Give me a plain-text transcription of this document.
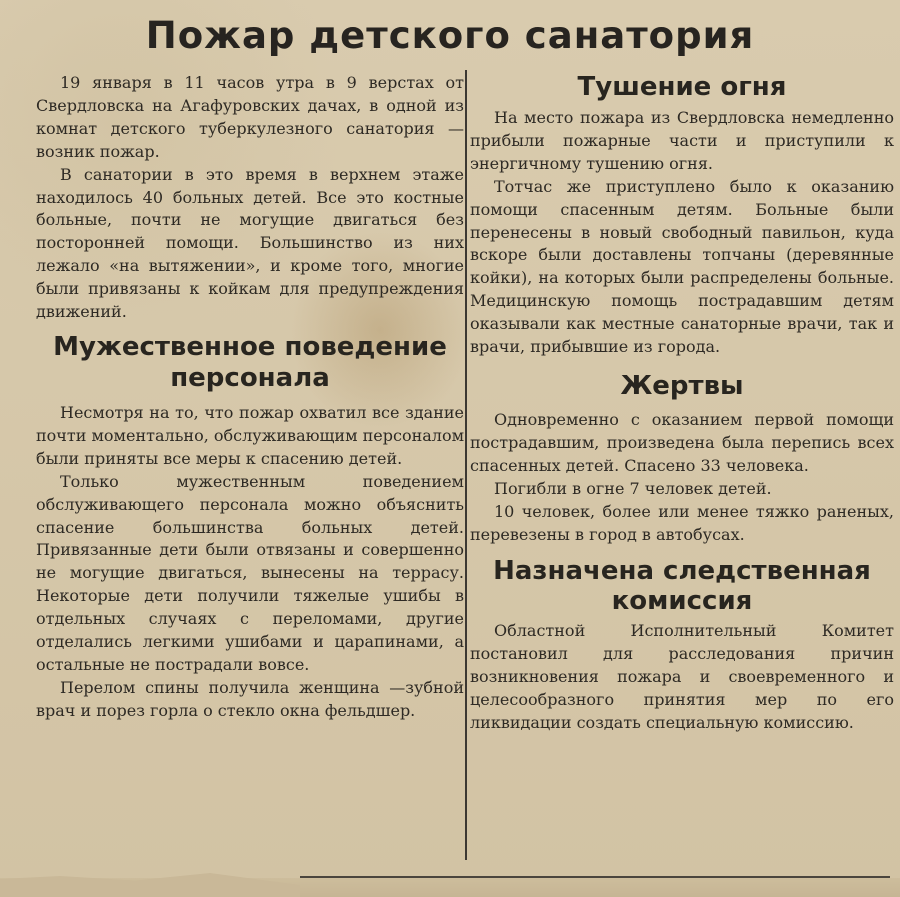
Пожар детского санатория

19 января в 11 часов утра в 9 верстах от Свердловска на Агафуровских дачах, в одной из комнат детского туберкулезного санатория — возник пожар.

В санатории в это время в верхнем этаже находилось 40 больных детей. Все это костные больные, почти не могущие двигаться без посторонней помощи. Большинство из них лежало «на вытяжении», и кроме того, многие были привязаны к койкам для предупреждения движений.

Мужественное поведение персонала

Несмотря на то, что пожар охватил все здание почти моментально, обслуживающим персоналом были приняты все меры к спасению детей.

Только мужественным поведением обслуживающего персонала можно объяснить спасение большинства больных детей. Привязанные дети были отвязаны и совершенно не могущие двигаться, вынесены на террасу. Некоторые дети получили тяжелые ушибы в отдельных случаях с переломами, другие отделались легкими ушибами и царапинами, а остальные не пострадали вовсе.

Перелом спины получила женщина —зубной врач и порез горла о стекло окна фельдшер.

Тушение огня

На место пожара из Свердловска немедленно прибыли пожарные части и приступили к энергичному тушению огня.

Тотчас же приступлено было к оказанию помощи спасенным детям. Больные были перенесены в новый свободный павильон, куда вскоре были доставлены топчаны (деревянные койки), на которых были распределены больные. Медицинскую помощь пострадавшим детям оказывали как местные санаторные врачи, так и врачи, прибывшие из города.

Жертвы

Одновременно с оказанием первой помощи пострадавшим, произведена была перепись всех спасенных детей. Спасено 33 человека.

Погибли в огне 7 человек детей.

10 человек, более или менее тяжко раненых, перевезены в город в автобусах.

Назначена следственная комиссия

Областной Исполнительный Комитет постановил для расследования причин возникновения пожара и своевременного и целесообразного принятия мер по его ликвидации создать специальную комиссию.
